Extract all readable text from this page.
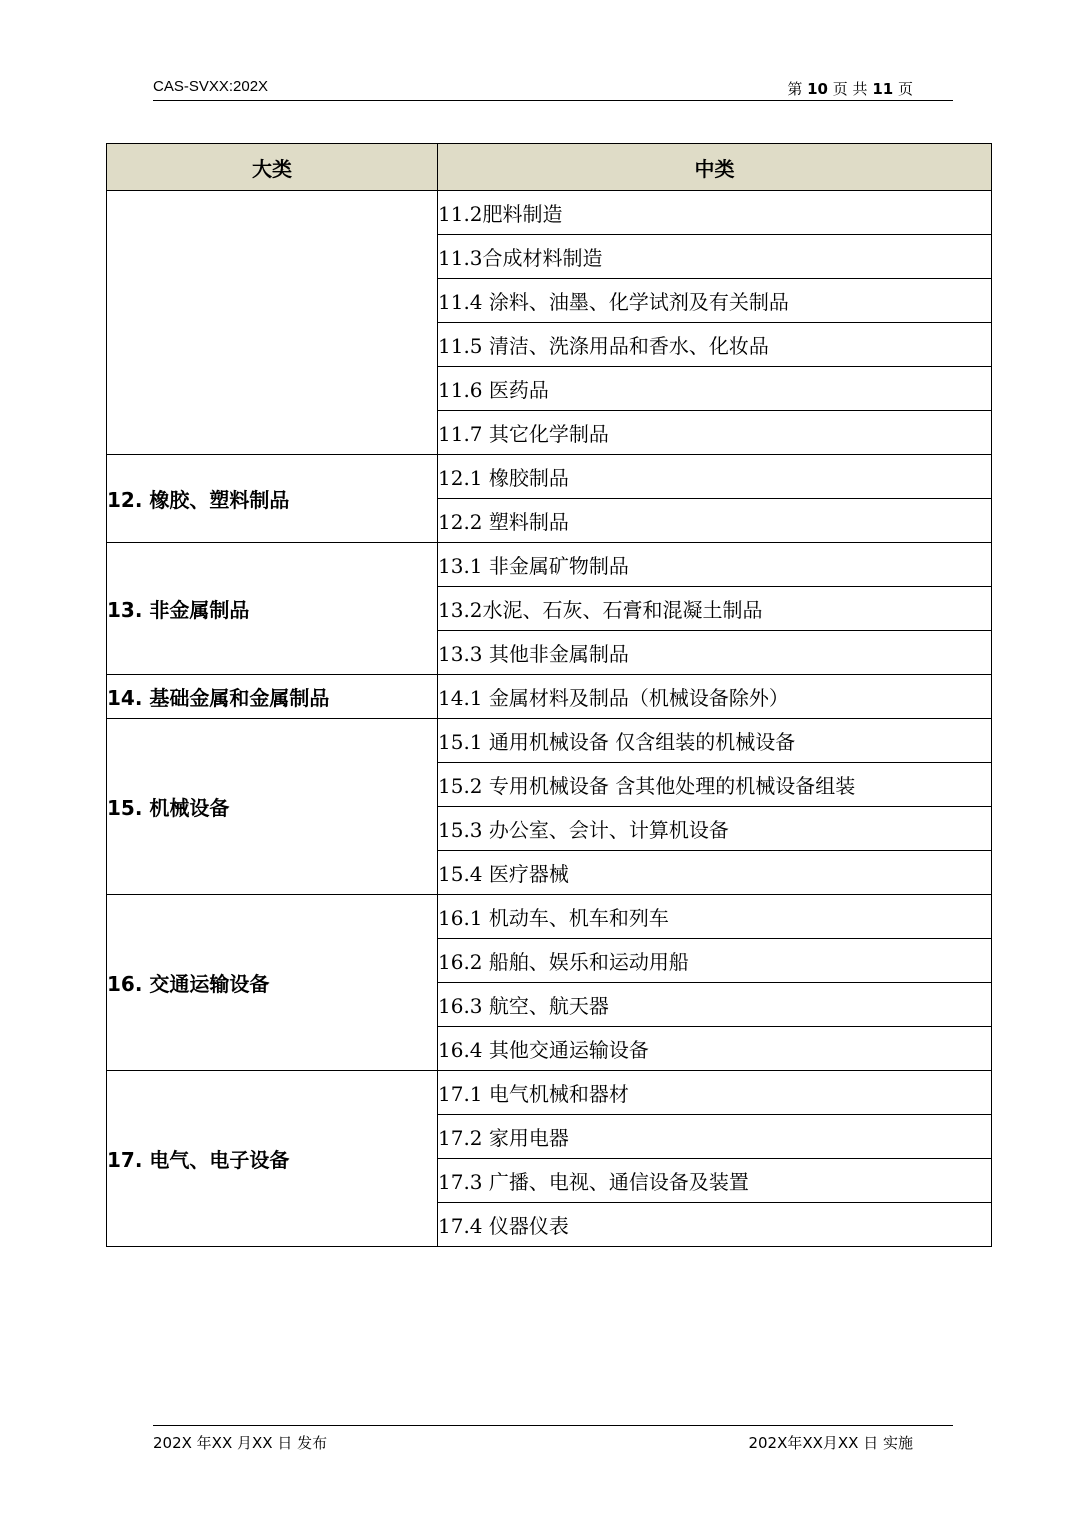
CAS-SVXX:202X	第 10 页 共 11 页
大类	中类
	11.2肥料制造
	11.3合成材料制造
	11.4 涂料、油墨、化学试剂及有关制品
	11.5 清洁、洗涤用品和香水、化妆品
	11.6 医药品
	11.7 其它化学制品
12. 橡胶、塑料制品	12.1 橡胶制品
	12.2 塑料制品
13. 非金属制品	13.1 非金属矿物制品
	13.2水泥、石灰、石膏和混凝土制品
	13.3 其他非金属制品
14. 基础金属和金属制品	14.1 金属材料及制品（机械设备除外）
15. 机械设备	15.1 通用机械设备 仅含组装的机械设备
	15.2 专用机械设备 含其他处理的机械设备组装
	15.3 办公室、会计、计算机设备
	15.4 医疗器械
16. 交通运输设备	16.1 机动车、机车和列车
	16.2 船舶、娱乐和运动用船
	16.3 航空、航天器
	16.4 其他交通运输设备
17. 电气、电子设备	17.1 电气机械和器材
	17.2 家用电器
	17.3 广播、电视、通信设备及装置
	17.4 仪器仪表
202X 年XX 月XX 日 发布	202X年XX月XX 日 实施
